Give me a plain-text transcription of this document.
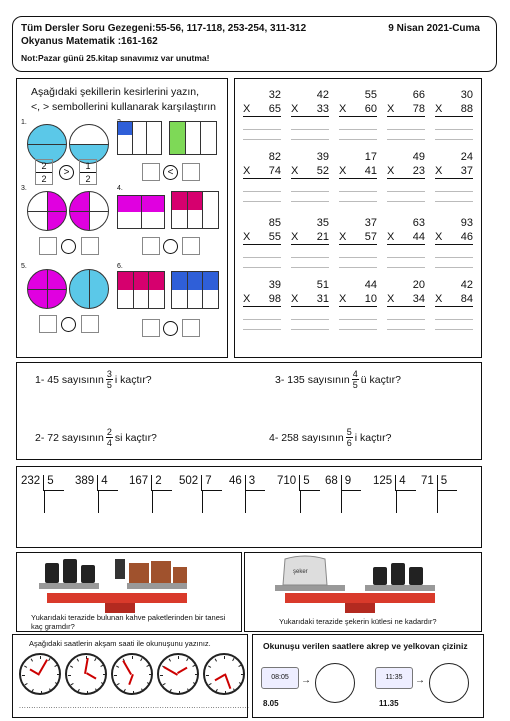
Tüm Dersler Soru Gezegeni:55-56, 117-118, 253-254, 311-312
Okyanus Matematik :161-162
Not:Pazar günü 25.kitap sınavımız var unutma!
9 Nisan 2021-Cuma
Aşağıdaki şekillerin kesirlerini yazın,
<, > sembollerini kullanarak karşılaştırın
1.
2
2
>
1
2
<
3.	4.
5.	6.
32
X 65
42
X 33
55
X 60
66
X 78
30
X 88
82
X 74
39
X 52
17
X 41
49
X 23
24
X 37
85
X 55
35
X 21
37
X 57
63
X 44
93
X 46
39
X 98
51
X 31
44
X 10
20
X 34
42
X 84
1- 45 sayısının 3
5 i kaçtır?	3- 135 sayısının 4
5 ü kaçtır?
2- 72 sayısının 2
4 si kaçtır?	4- 258 sayısının 5
6 i kaçtır?
232 5	389 4	167 2	502 7	46 3	710 5	68 9	125 4	71 5
Yukarıdaki terazide bulunan kahve paketlerinden bir tanesi kaç gramdır?
şeker
Yukarıdaki terazide şekerin kütlesi ne kadardır?
Aşağıdaki saatlerin akşam saati ile okunuşunu yazınız.
................... ................... ................... ................... ...................
Okunuşu verilen saatlere akrep ve yelkovan çiziniz
08:05	→
8.05
11:35	→
11.35
